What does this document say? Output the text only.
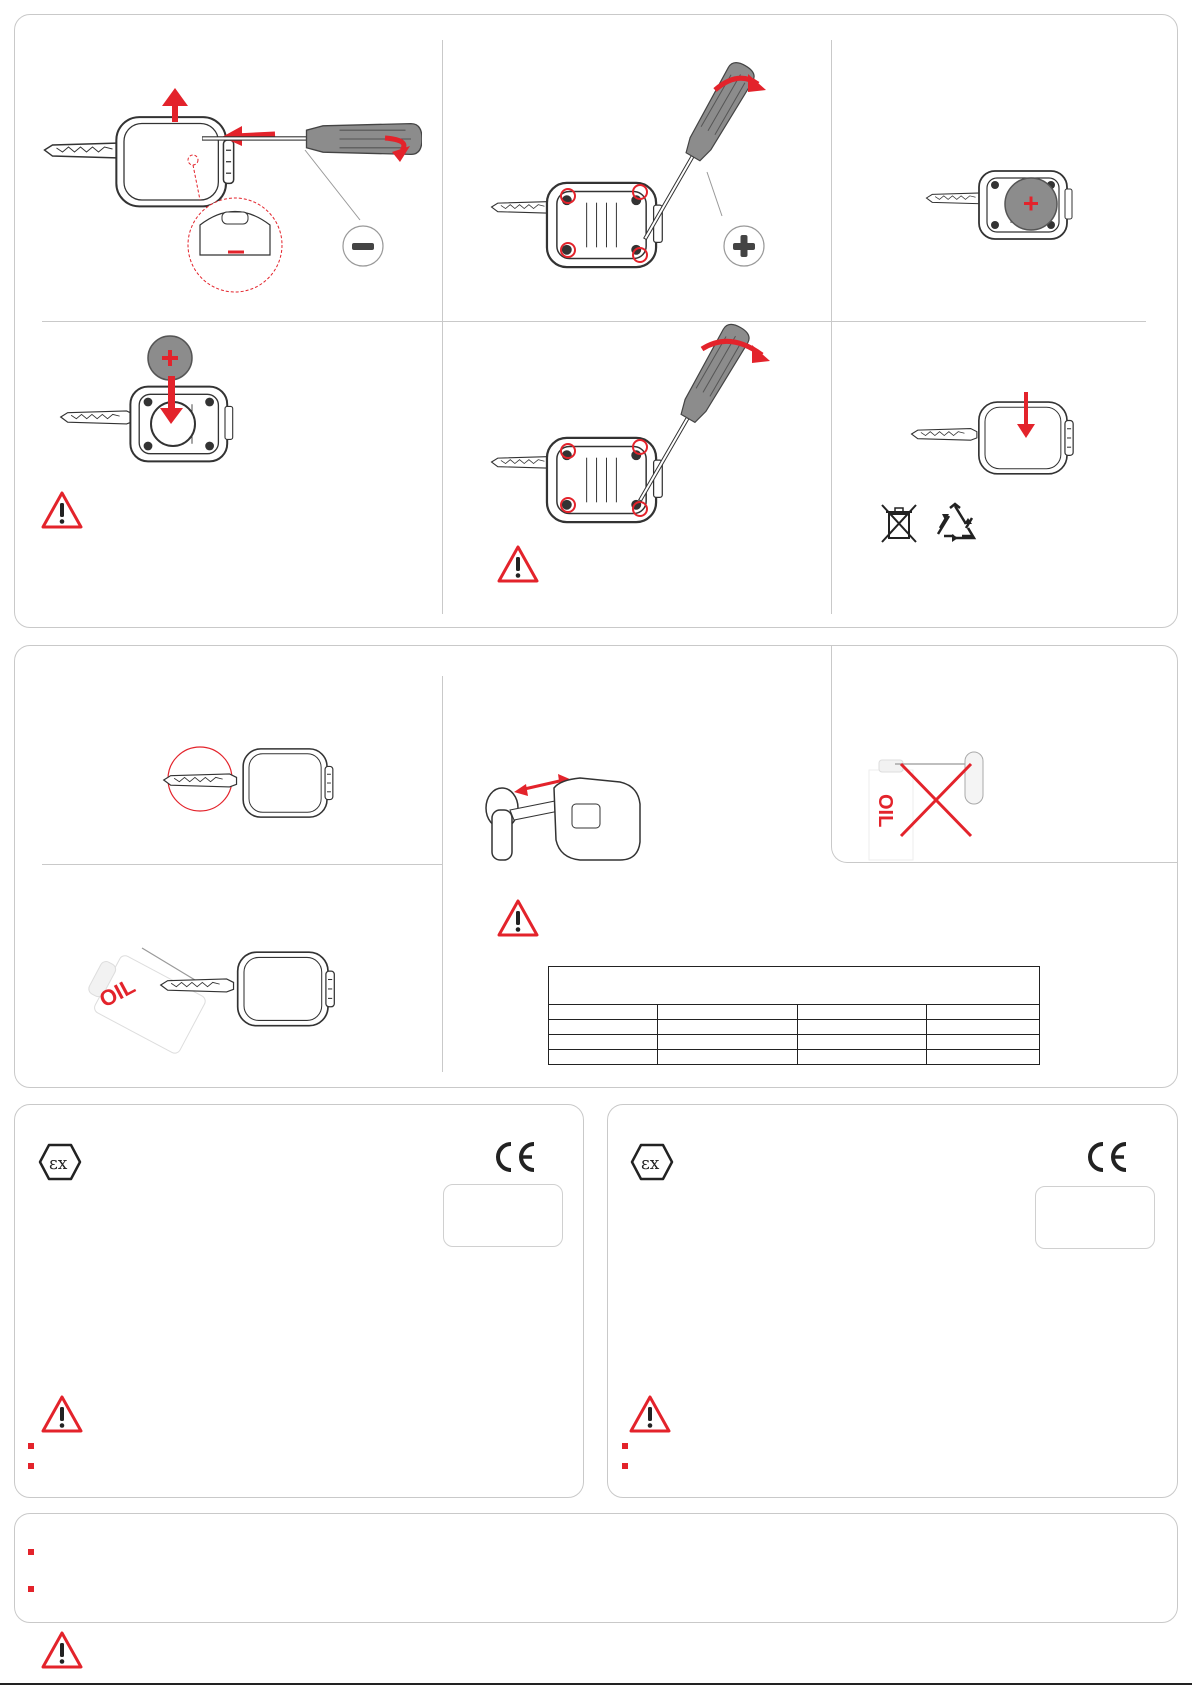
OIL
OIL

εx	εx
